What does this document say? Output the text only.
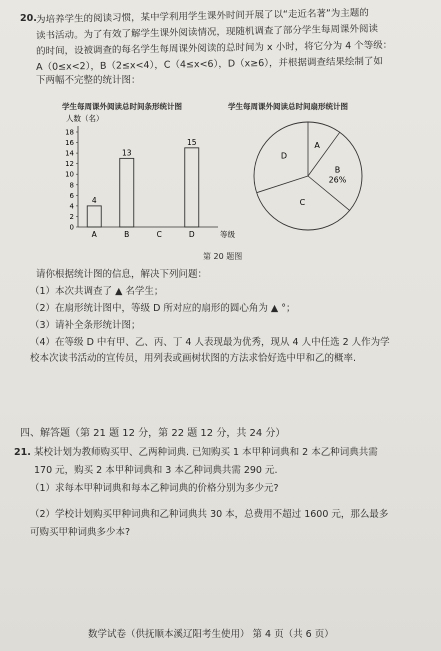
20. 为培养学生的阅读习惯，某中学利用学生课外时间开展了以“走近名著”为主题的
读书活动。为了有效了解学生课外阅读情况，现随机调查了部分学生每周课外阅读
的时间，设被调查的每名学生每周课外阅读的总时间为 x 小时，将它分为 4 个等级：
A（0≤x<2），B（2≤x<4），C（4≤x<6），D（x≥6），并根据调查结果绘制了如
下两幅不完整的统计图：
学生每周课外阅读总时间条形统计图
人数（名）
0
2
4
6
8
10
12
14
16
18
4
A
13
B	C
15
D	等级
学生每周课外阅读总时间扇形统计图
A
B
26%
C
D
第 20 题图
请你根据统计图的信息，解决下列问题：
（1）本次共调查了 ▲ 名学生；
（2）在扇形统计图中，等级 D 所对应的扇形的圆心角为 ▲ °；
（3）请补全条形统计图；
（4）在等级 D 中有甲、乙、丙、丁 4 人表现最为优秀，现从 4 人中任选 2 人作为学
校本次读书活动的宣传员，用列表或画树状图的方法求恰好选中甲和乙的概率.
四、解答题（第 21 题 12 分，第 22 题 12 分，共 24 分）
21. 某校计划为教师购买甲、乙两种词典. 已知购买 1 本甲种词典和 2 本乙种词典共需
170 元，购买 2 本甲种词典和 3 本乙种词典共需 290 元.
（1）求每本甲种词典和每本乙种词典的价格分别为多少元?
（2）学校计划购买甲种词典和乙种词典共 30 本，总费用不超过 1600 元，那么最多
可购买甲种词典多少本?
数学试卷（供抚顺本溪辽阳考生使用） 第 4 页（共 6 页）
